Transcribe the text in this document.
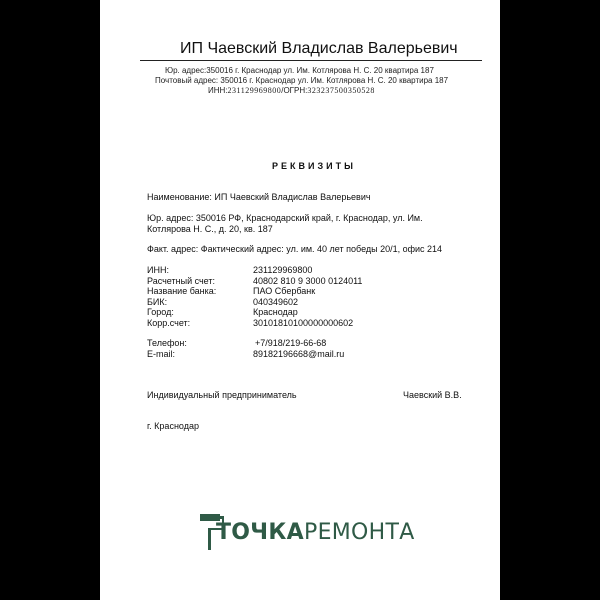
ИП Чаевский Владислав Валерьевич
Юр. адрес:350016 г. Краснодар ул. Им. Котлярова Н. С. 20 квартира 187
Почтовый адрес: 350016 г. Краснодар ул. Им. Котлярова Н. С. 20 квартира 187
ИНН:231129969800/ОГРН:323237500350528
РЕКВИЗИТЫ
Наименование: ИП Чаевский Владислав Валерьевич
Юр. адрес: 350016 РФ, Краснодарский край, г. Краснодар, ул. Им.
Котлярова Н. С., д. 20, кв. 187
Факт. адрес: Фактический адрес: ул. им. 40 лет победы 20/1, офис 214
ИНН:	231129969800
Расчетный счет:	40802 810 9 3000 0124011
Название банка:	ПАО Сбербанк
БИК:	040349602
Город:	Краснодар
Корр.счет:	30101810100000000602
Телефон:	+7/918/219-66-68
E-mail:	89182196668@mail.ru
Индивидуальный предприниматель	Чаевский В.В.
г. Краснодар
ТОЧКАРЕМОНТА
